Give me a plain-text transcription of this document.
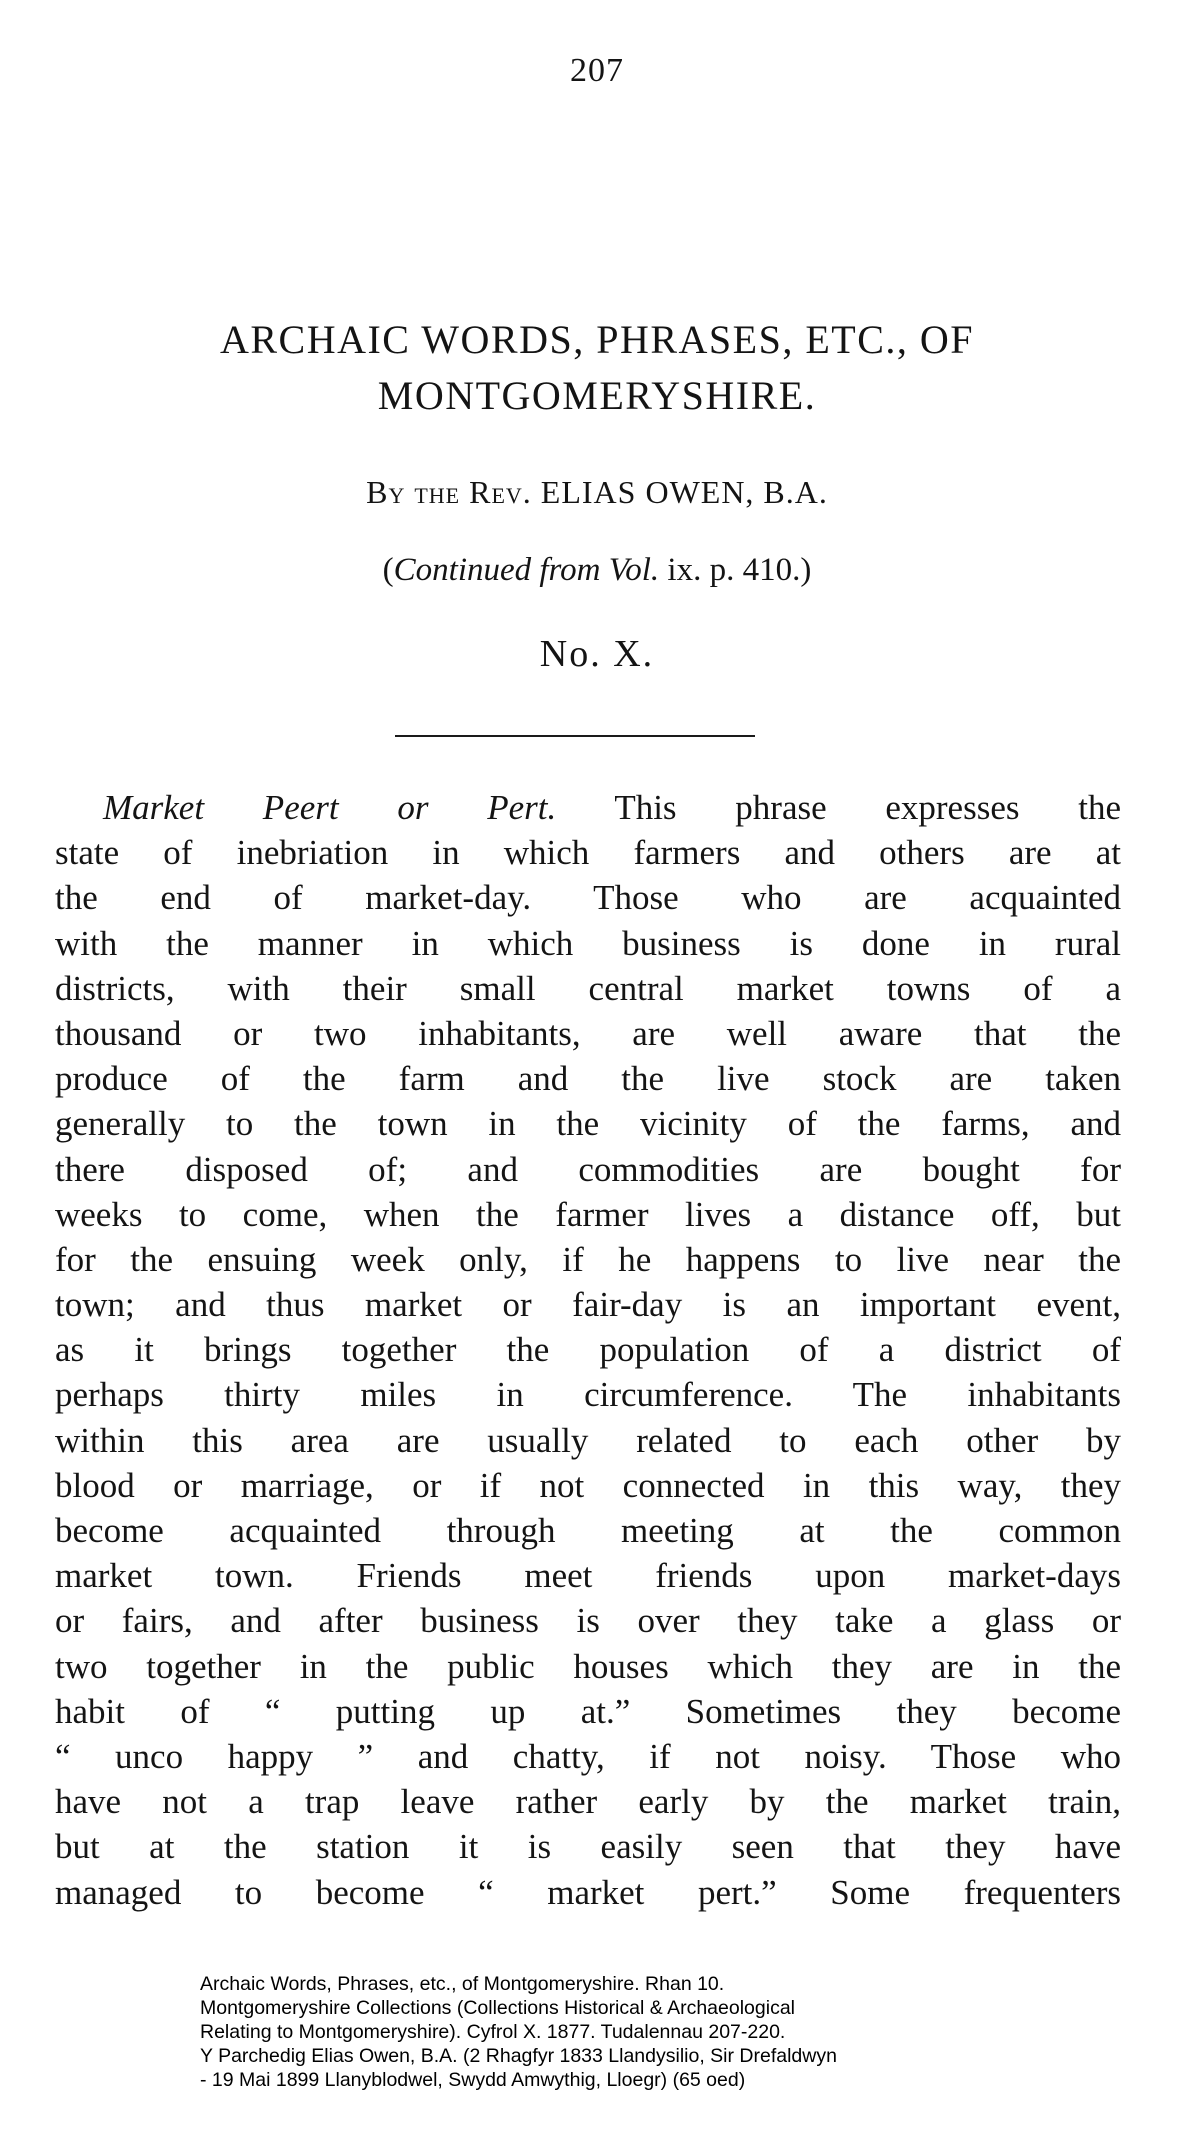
207
ARCHAIC WORDS, PHRASES, ETC., OF
MONTGOMERYSHIRE.
By the Rev. ELIAS OWEN, B.A.
(Continued from Vol. ix. p. 410.)
No. X.
Market Peert or Pert. This phrase expresses the
state of inebriation in which farmers and others are at
the end of market-day. Those who are acquainted
with the manner in which business is done in rural
districts, with their small central market towns of a
thousand or two inhabitants, are well aware that the
produce of the farm and the live stock are taken
generally to the town in the vicinity of the farms, and
there disposed of; and commodities are bought for
weeks to come, when the farmer lives a distance off, but
for the ensuing week only, if he happens to live near the
town; and thus market or fair-day is an important event,
as it brings together the population of a district of
perhaps thirty miles in circumference. The inhabitants
within this area are usually related to each other by
blood or marriage, or if not connected in this way, they
become acquainted through meeting at the common
market town. Friends meet friends upon market-days
or fairs, and after business is over they take a glass or
two together in the public houses which they are in the
habit of “ putting up at.” Sometimes they become
“ unco happy ” and chatty, if not noisy. Those who
have not a trap leave rather early by the market train,
but at the station it is easily seen that they have
managed to become “ market pert.” Some frequenters
Archaic Words, Phrases, etc., of Montgomeryshire. Rhan 10.
Montgomeryshire Collections (Collections Historical & Archaeological
Relating to Montgomeryshire). Cyfrol X. 1877. Tudalennau 207-220.
Y Parchedig Elias Owen, B.A. (2 Rhagfyr 1833 Llandysilio, Sir Drefaldwyn
- 19 Mai 1899 Llanyblodwel, Swydd Amwythig, Lloegr) (65 oed)
